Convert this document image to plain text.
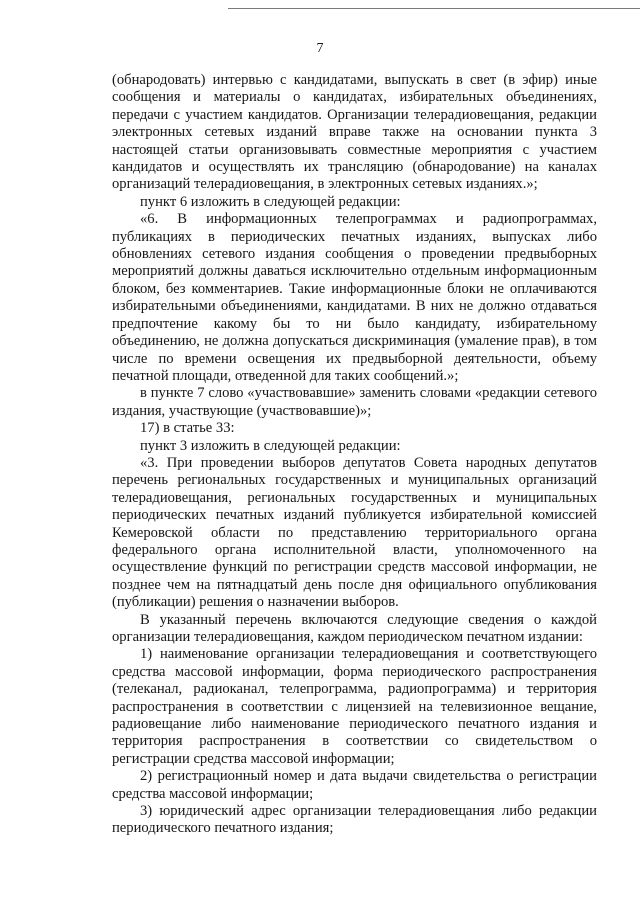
7

(обнародовать) интервью с кандидатами, выпускать в свет (в эфир) иные сообщения и материалы о кандидатах, избирательных объединениях, передачи с участием кандидатов. Организации телерадиовещания, редакции электронных сетевых изданий вправе также на основании пункта 3 настоящей статьи организовывать совместные мероприятия с участием кандидатов и осуществлять их трансляцию (обнародование) на каналах организаций телерадиовещания, в электронных сетевых изданиях.»;

пункт 6 изложить в следующей редакции:

«6. В информационных телепрограммах и радиопрограммах, публикациях в периодических печатных изданиях, выпусках либо обновлениях сетевого издания сообщения о проведении предвыборных мероприятий должны даваться исключительно отдельным информационным блоком, без комментариев. Такие информационные блоки не оплачиваются избирательными объединениями, кандидатами. В них не должно отдаваться предпочтение какому бы то ни было кандидату, избирательному объединению, не должна допускаться дискриминация (умаление прав), в том числе по времени освещения их предвыборной деятельности, объему печатной площади, отведенной для таких сообщений.»;

в пункте 7 слово «участвовавшие» заменить словами «редакции сетевого издания, участвующие (участвовавшие)»;

17) в статье 33:

пункт 3 изложить в следующей редакции:

«3. При проведении выборов депутатов Совета народных депутатов перечень региональных государственных и муниципальных организаций телерадиовещания, региональных государственных и муниципальных периодических печатных изданий публикуется избирательной комиссией Кемеровской области по представлению территориального органа федерального органа исполнительной власти, уполномоченного на осуществление функций по регистрации средств массовой информации, не позднее чем на пятнадцатый день после дня официального опубликования (публикации) решения о назначении выборов.

В указанный перечень включаются следующие сведения о каждой организации телерадиовещания, каждом периодическом печатном издании:

1) наименование организации телерадиовещания и соответствующего средства массовой информации, форма периодического распространения (телеканал, радиоканал, телепрограмма, радиопрограмма) и территория распространения в соответствии с лицензией на телевизионное вещание, радиовещание либо наименование периодического печатного издания и территория распространения в соответствии со свидетельством о регистрации средства массовой информации;

2) регистрационный номер и дата выдачи свидетельства о регистрации средства массовой информации;

3) юридический адрес организации телерадиовещания либо редакции периодического печатного издания;
